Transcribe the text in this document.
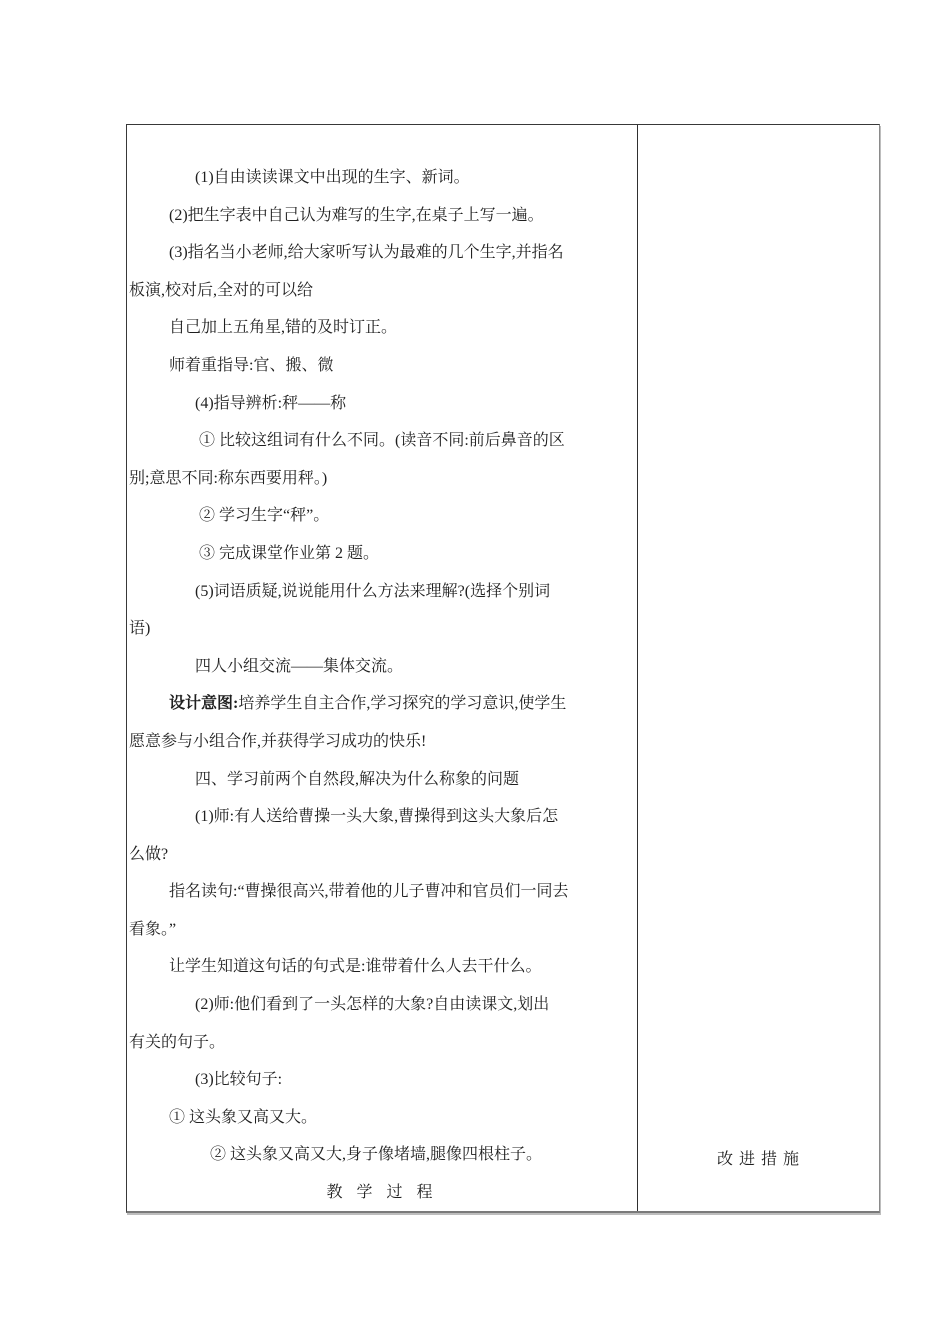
(1)自由读读课文中出现的生字、新词。
(2)把生字表中自己认为难写的生字,在桌子上写一遍。
(3)指名当小老师,给大家听写认为最难的几个生字,并指名
板演,校对后,全对的可以给
自己加上五角星,错的及时订正。
师着重指导:官、搬、微
(4)指导辨析:秤——称
① 比较这组词有什么不同。(读音不同:前后鼻音的区
别;意思不同:称东西要用秤。)
② 学习生字“秤”。
③ 完成课堂作业第 2 题。
(5)词语质疑,说说能用什么方法来理解?(选择个别词
语)
四人小组交流——集体交流。
设计意图:培养学生自主合作,学习探究的学习意识,使学生
愿意参与小组合作,并获得学习成功的快乐!
四、学习前两个自然段,解决为什么称象的问题
(1)师:有人送给曹操一头大象,曹操得到这头大象后怎
么做?
指名读句:“曹操很高兴,带着他的儿子曹冲和官员们一同去
看象。”
让学生知道这句话的句式是:谁带着什么人去干什么。
(2)师:他们看到了一头怎样的大象?自由读课文,划出
有关的句子。
(3)比较句子:
① 这头象又高又大。
② 这头象又高又大,身子像堵墙,腿像四根柱子。
教 学 过 程
改 进 措 施
